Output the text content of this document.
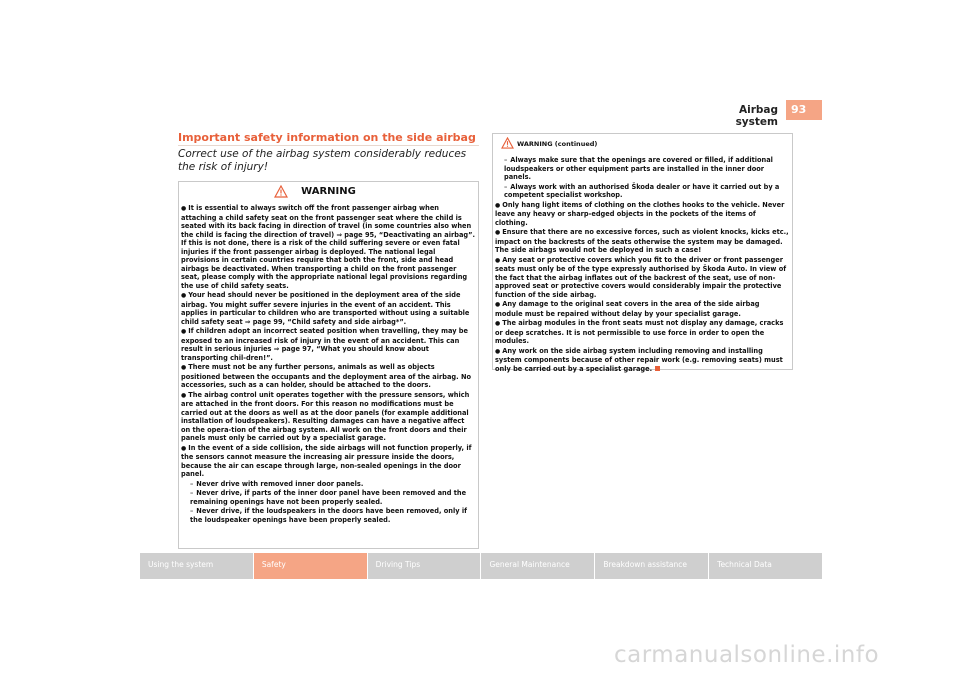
Airbag system
93
Important safety information on the side airbag
Correct use of the airbag system considerably reduces the risk of injury!
WARNING
● It is essential to always switch off the front passenger airbag when attaching a child safety seat on the front passenger seat where the child is seated with its back facing in direction of travel (in some countries also when the child is facing the direction of travel) ⇒ page 95, “Deactivating an airbag”. If this is not done, there is a risk of the child suffering severe or even fatal injuries if the front passenger airbag is deployed. The national legal provisions in certain countries require that both the front, side and head airbags be deactivated. When transporting a child on the front passenger seat, please comply with the appropriate national legal provisions regarding the use of child safety seats.
● Your head should never be positioned in the deployment area of the side airbag. You might suffer severe injuries in the event of an accident. This applies in particular to children who are transported without using a suitable child safety seat ⇒ page 99, “Child safety and side airbag*”.
● If children adopt an incorrect seated position when travelling, they may be exposed to an increased risk of injury in the event of an accident. This can result in serious injuries ⇒ page 97, “What you should know about transporting chil-dren!”.
● There must not be any further persons, animals as well as objects positioned between the occupants and the deployment area of the airbag. No accessories, such as a can holder, should be attached to the doors.
● The airbag control unit operates together with the pressure sensors, which are attached in the front doors. For this reason no modifications must be carried out at the doors as well as at the door panels (for example additional installation of loudspeakers). Resulting damages can have a negative affect on the opera-tion of the airbag system. All work on the front doors and their panels must only be carried out by a specialist garage.
● In the event of a side collision, the side airbags will not function properly, if the sensors cannot measure the increasing air pressure inside the doors, because the air can escape through large, non-sealed openings in the door panel.
– Never drive with removed inner door panels.
– Never drive, if parts of the inner door panel have been removed and the remaining openings have not been properly sealed.
– Never drive, if the loudspeakers in the doors have been removed, only if the loudspeaker openings have been properly sealed.
WARNING (continued)
– Always make sure that the openings are covered or filled, if additional loudspeakers or other equipment parts are installed in the inner door panels.
– Always work with an authorised Škoda dealer or have it carried out by a competent specialist workshop.
● Only hang light items of clothing on the clothes hooks to the vehicle. Never leave any heavy or sharp-edged objects in the pockets of the items of clothing.
● Ensure that there are no excessive forces, such as violent knocks, kicks etc., impact on the backrests of the seats otherwise the system may be damaged. The side airbags would not be deployed in such a case!
● Any seat or protective covers which you fit to the driver or front passenger seats must only be of the type expressly authorised by Škoda Auto. In view of the fact that the airbag inflates out of the backrest of the seat, use of non-approved seat or protective covers would considerably impair the protective function of the side airbag.
● Any damage to the original seat covers in the area of the side airbag module must be repaired without delay by your specialist garage.
● The airbag modules in the front seats must not display any damage, cracks or deep scratches. It is not permissible to use force in order to open the modules.
● Any work on the side airbag system including removing and installing system components because of other repair work (e.g. removing seats) must only be carried out by a specialist garage.
Using the system	Safety	Driving Tips	General Maintenance	Breakdown assistance	Technical Data
carmanualsonline.info
